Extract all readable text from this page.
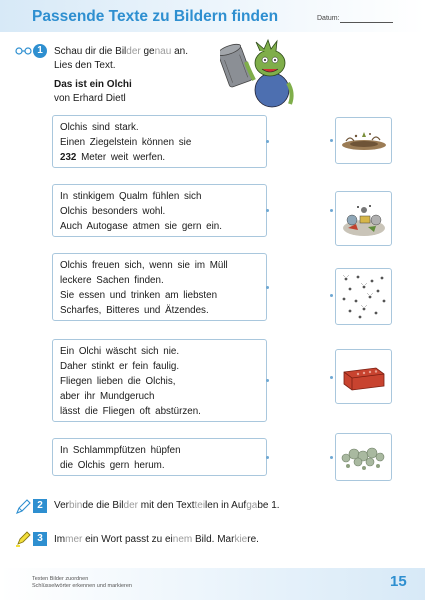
Passende Texte zu Bildern finden	Datum:
1	Schau dir die Bilder genau an.
Lies den Text.
Das ist ein Olchi
von Erhard Dietl

Olchis sind stark.

Einen Ziegelstein können sie

232 Meter weit werfen.

In stinkigem Qualm fühlen sich

Olchis besonders wohl.

Auch Autogase atmen sie gern ein.

Olchis freuen sich, wenn sie im Müll

leckere Sachen finden.

Sie essen und trinken am liebsten

Scharfes, Bitteres und Ätzendes.

Ein Olchi wäscht sich nie.

Daher stinkt er fein faulig.

Fliegen lieben die Olchis,

aber ihr Mundgeruch

lässt die Fliegen oft abstürzen.

In Schlammpfützen hüpfen

die Olchis gern herum.

2	Verbinde die Bilder mit den Textteilen in Aufgabe 1.
3	Immer ein Wort passt zu einem Bild. Markiere.
Texten Bilder zuordnen
Schlüsselwörter erkennen und markieren	15
